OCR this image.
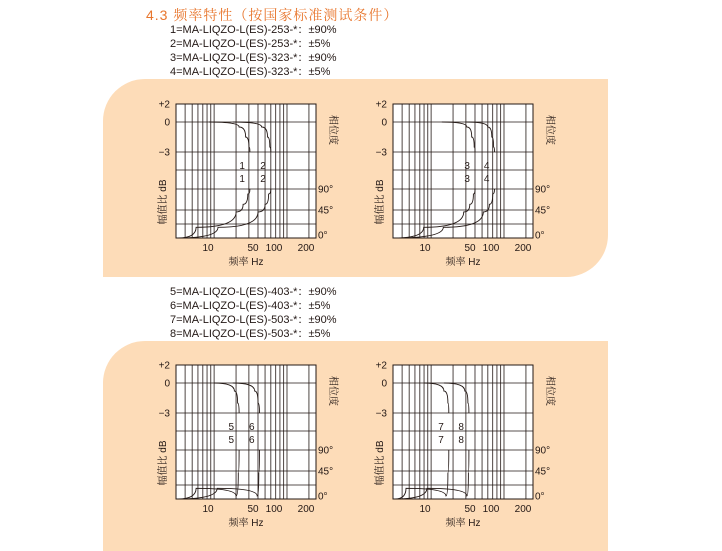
4.3 频率特性（按国家标准测试条件）
1=MA-LIQZO-L(ES)-253-*：±90%
2=MA-LIQZO-L(ES)-253-*：±5%
3=MA-LIQZO-L(ES)-323-*：±90%
4=MA-LIQZO-L(ES)-323-*：±5%
5=MA-LIQZO-L(ES)-403-*：±90%
6=MA-LIQZO-L(ES)-403-*：±5%
7=MA-LIQZO-L(ES)-503-*：±90%
8=MA-LIQZO-L(ES)-503-*：±5%
+2
0
−3
90°
45°
0°
10	50 100 200
频率 Hz
幅值比 dB
相位度
1
1
2
2
+2
0
−3
90°
45°
0°
10	50 100 200
频率 Hz
幅值比 dB
相位度
3
3
4
4
+2
0
−3
90°
45°
0°
10	50 100 200
频率 Hz
幅值比 dB
相位度
5
5
6
6
+2
0
−3
90°
45°
0°
10	50 100 200
频率 Hz
幅值比 dB
相位度
7
7
8
8
